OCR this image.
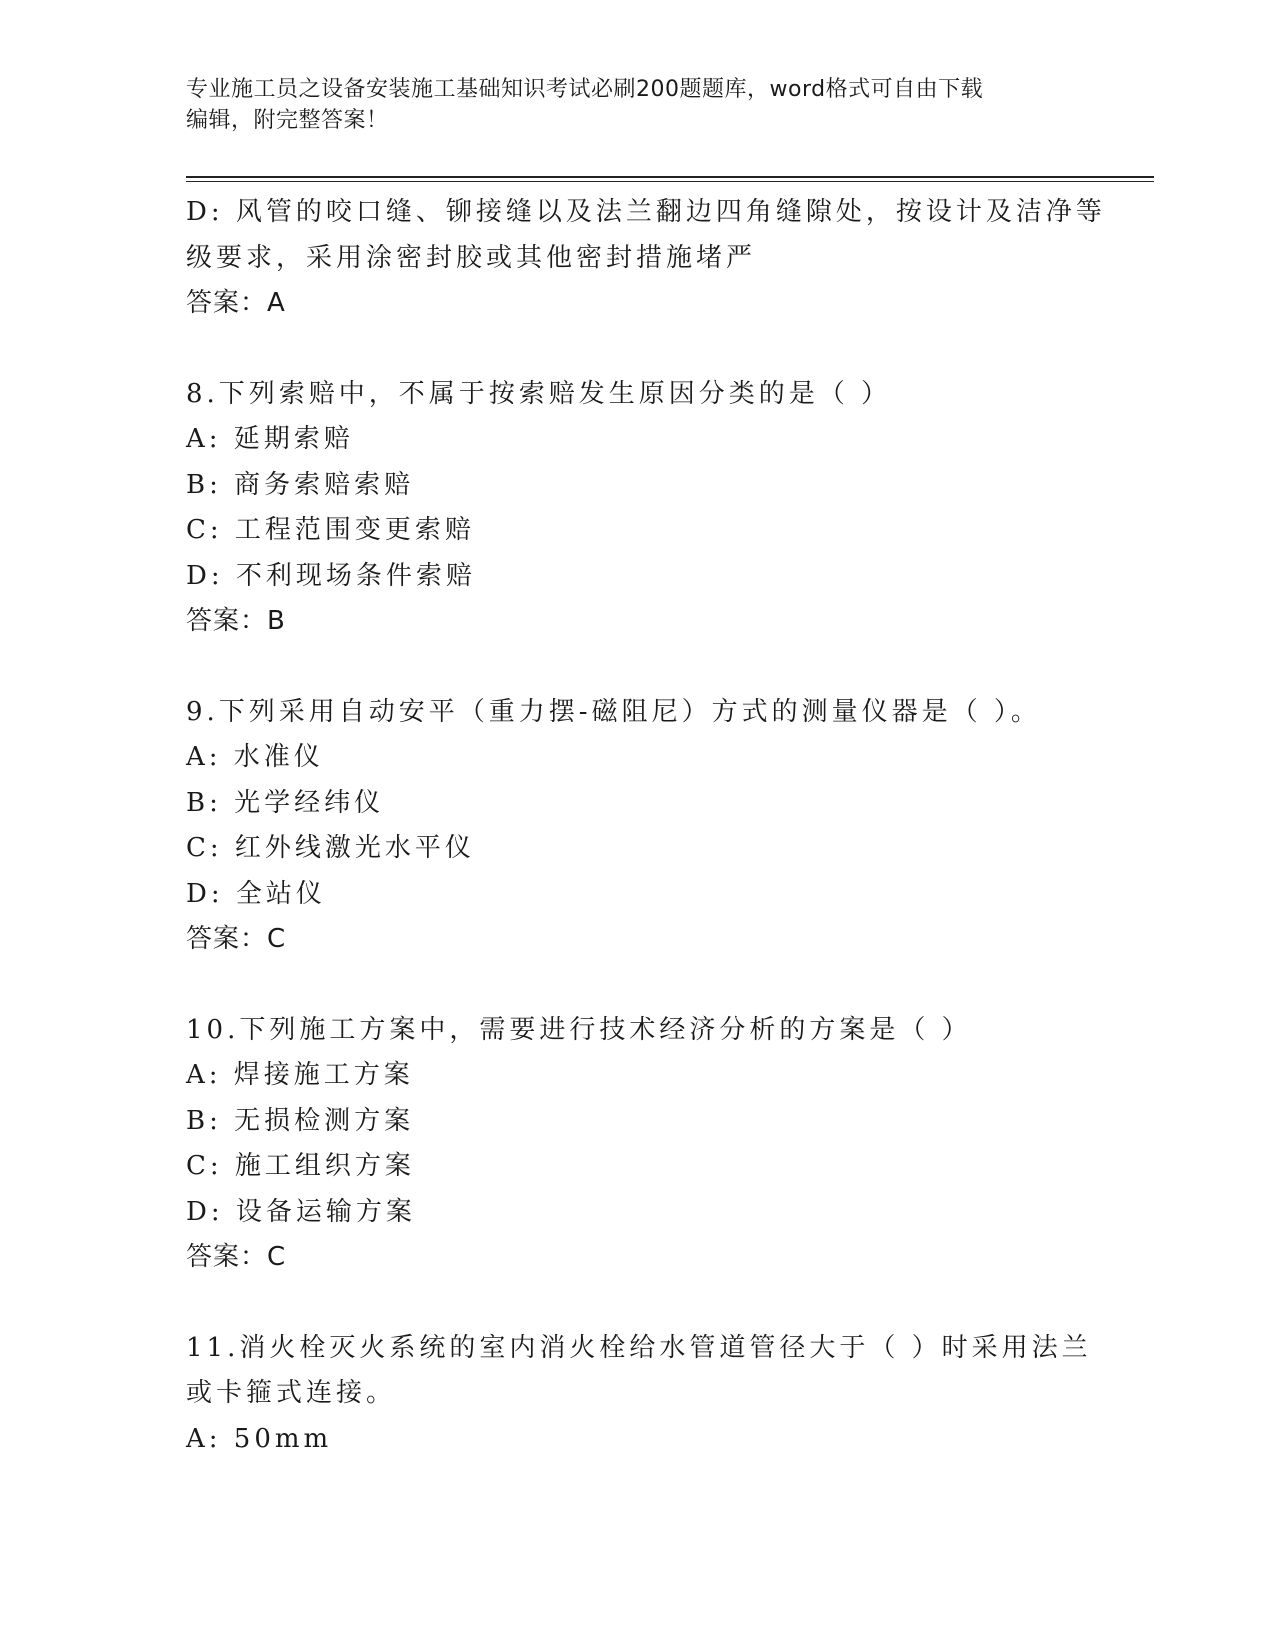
专业施工员之设备安装施工基础知识考试必刷200题题库，word格式可自由下载
编辑，附完整答案！
D: 风管的咬口缝、铆接缝以及法兰翻边四角缝隙处，按设计及洁净等
级要求，采用涂密封胶或其他密封措施堵严
答案：A
8.下列索赔中，不属于按索赔发生原因分类的是（ ）
A: 延期索赔
B: 商务索赔索赔
C: 工程范围变更索赔
D: 不利现场条件索赔
答案：B
9.下列采用自动安平（重力摆-磁阻尼）方式的测量仪器是（ ）。
A: 水准仪
B: 光学经纬仪
C: 红外线激光水平仪
D: 全站仪
答案：C
10.下列施工方案中，需要进行技术经济分析的方案是（ ）
A: 焊接施工方案
B: 无损检测方案
C: 施工组织方案
D: 设备运输方案
答案：C
11.消火栓灭火系统的室内消火栓给水管道管径大于（ ）时采用法兰
或卡箍式连接。
A: 50mm
